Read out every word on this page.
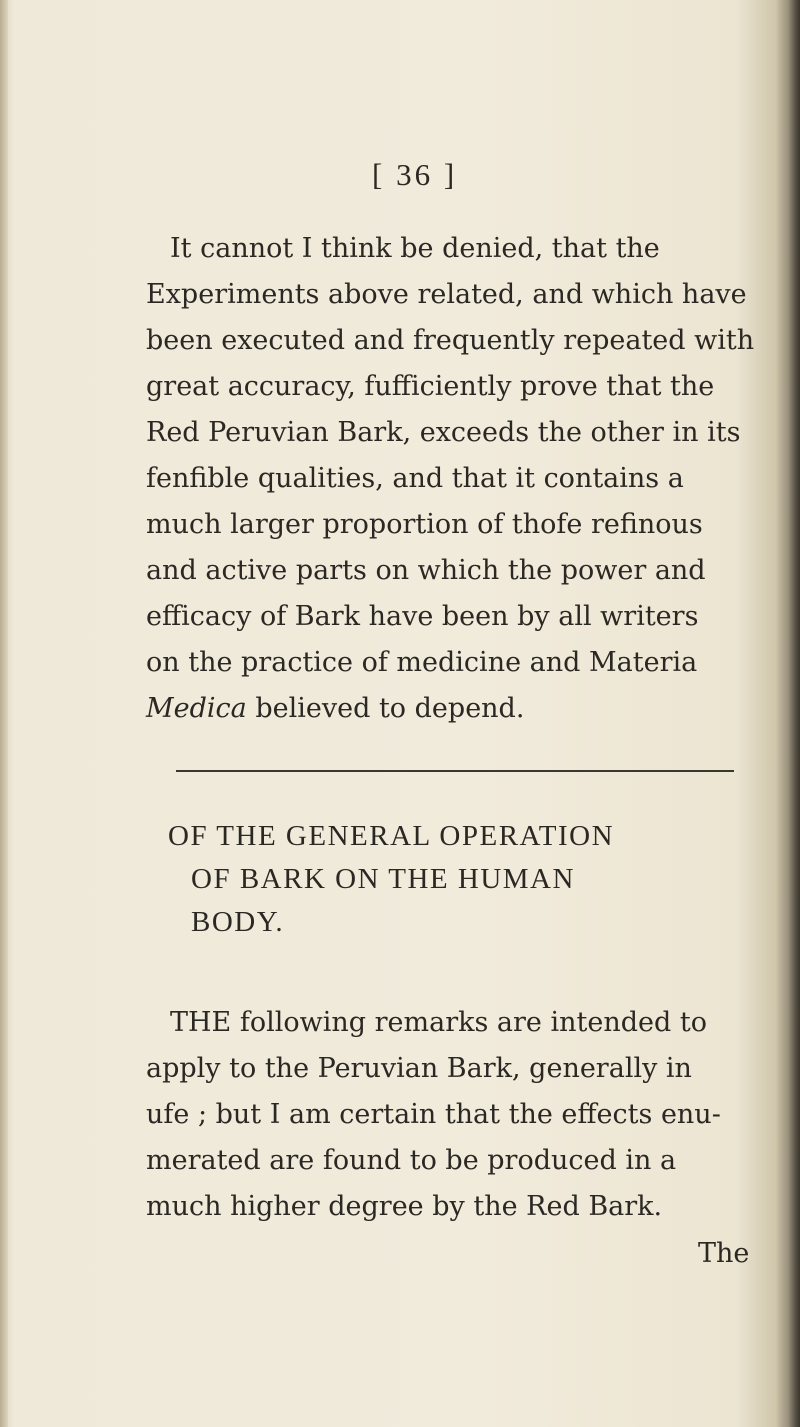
[ 36 ]

It cannot I think be denied, that the
Experiments above related, and which have
been executed and frequently repeated with
great accuracy, fufficiently prove that the
Red Peruvian Bark, exceeds the other in its
fenfible qualities, and that it contains a
much larger proportion of thofe refinous
and active parts on which the power and
efficacy of Bark have been by all writers
on the practice of medicine and Materia
Medica believed to depend.

OF THE GENERAL OPERATION
OF BARK ON THE HUMAN
BODY.

THE following remarks are intended to
apply to the Peruvian Bark, generally in
ufe ; but I am certain that the effects enu-
merated are found to be produced in a
much higher degree by the Red Bark.

The
